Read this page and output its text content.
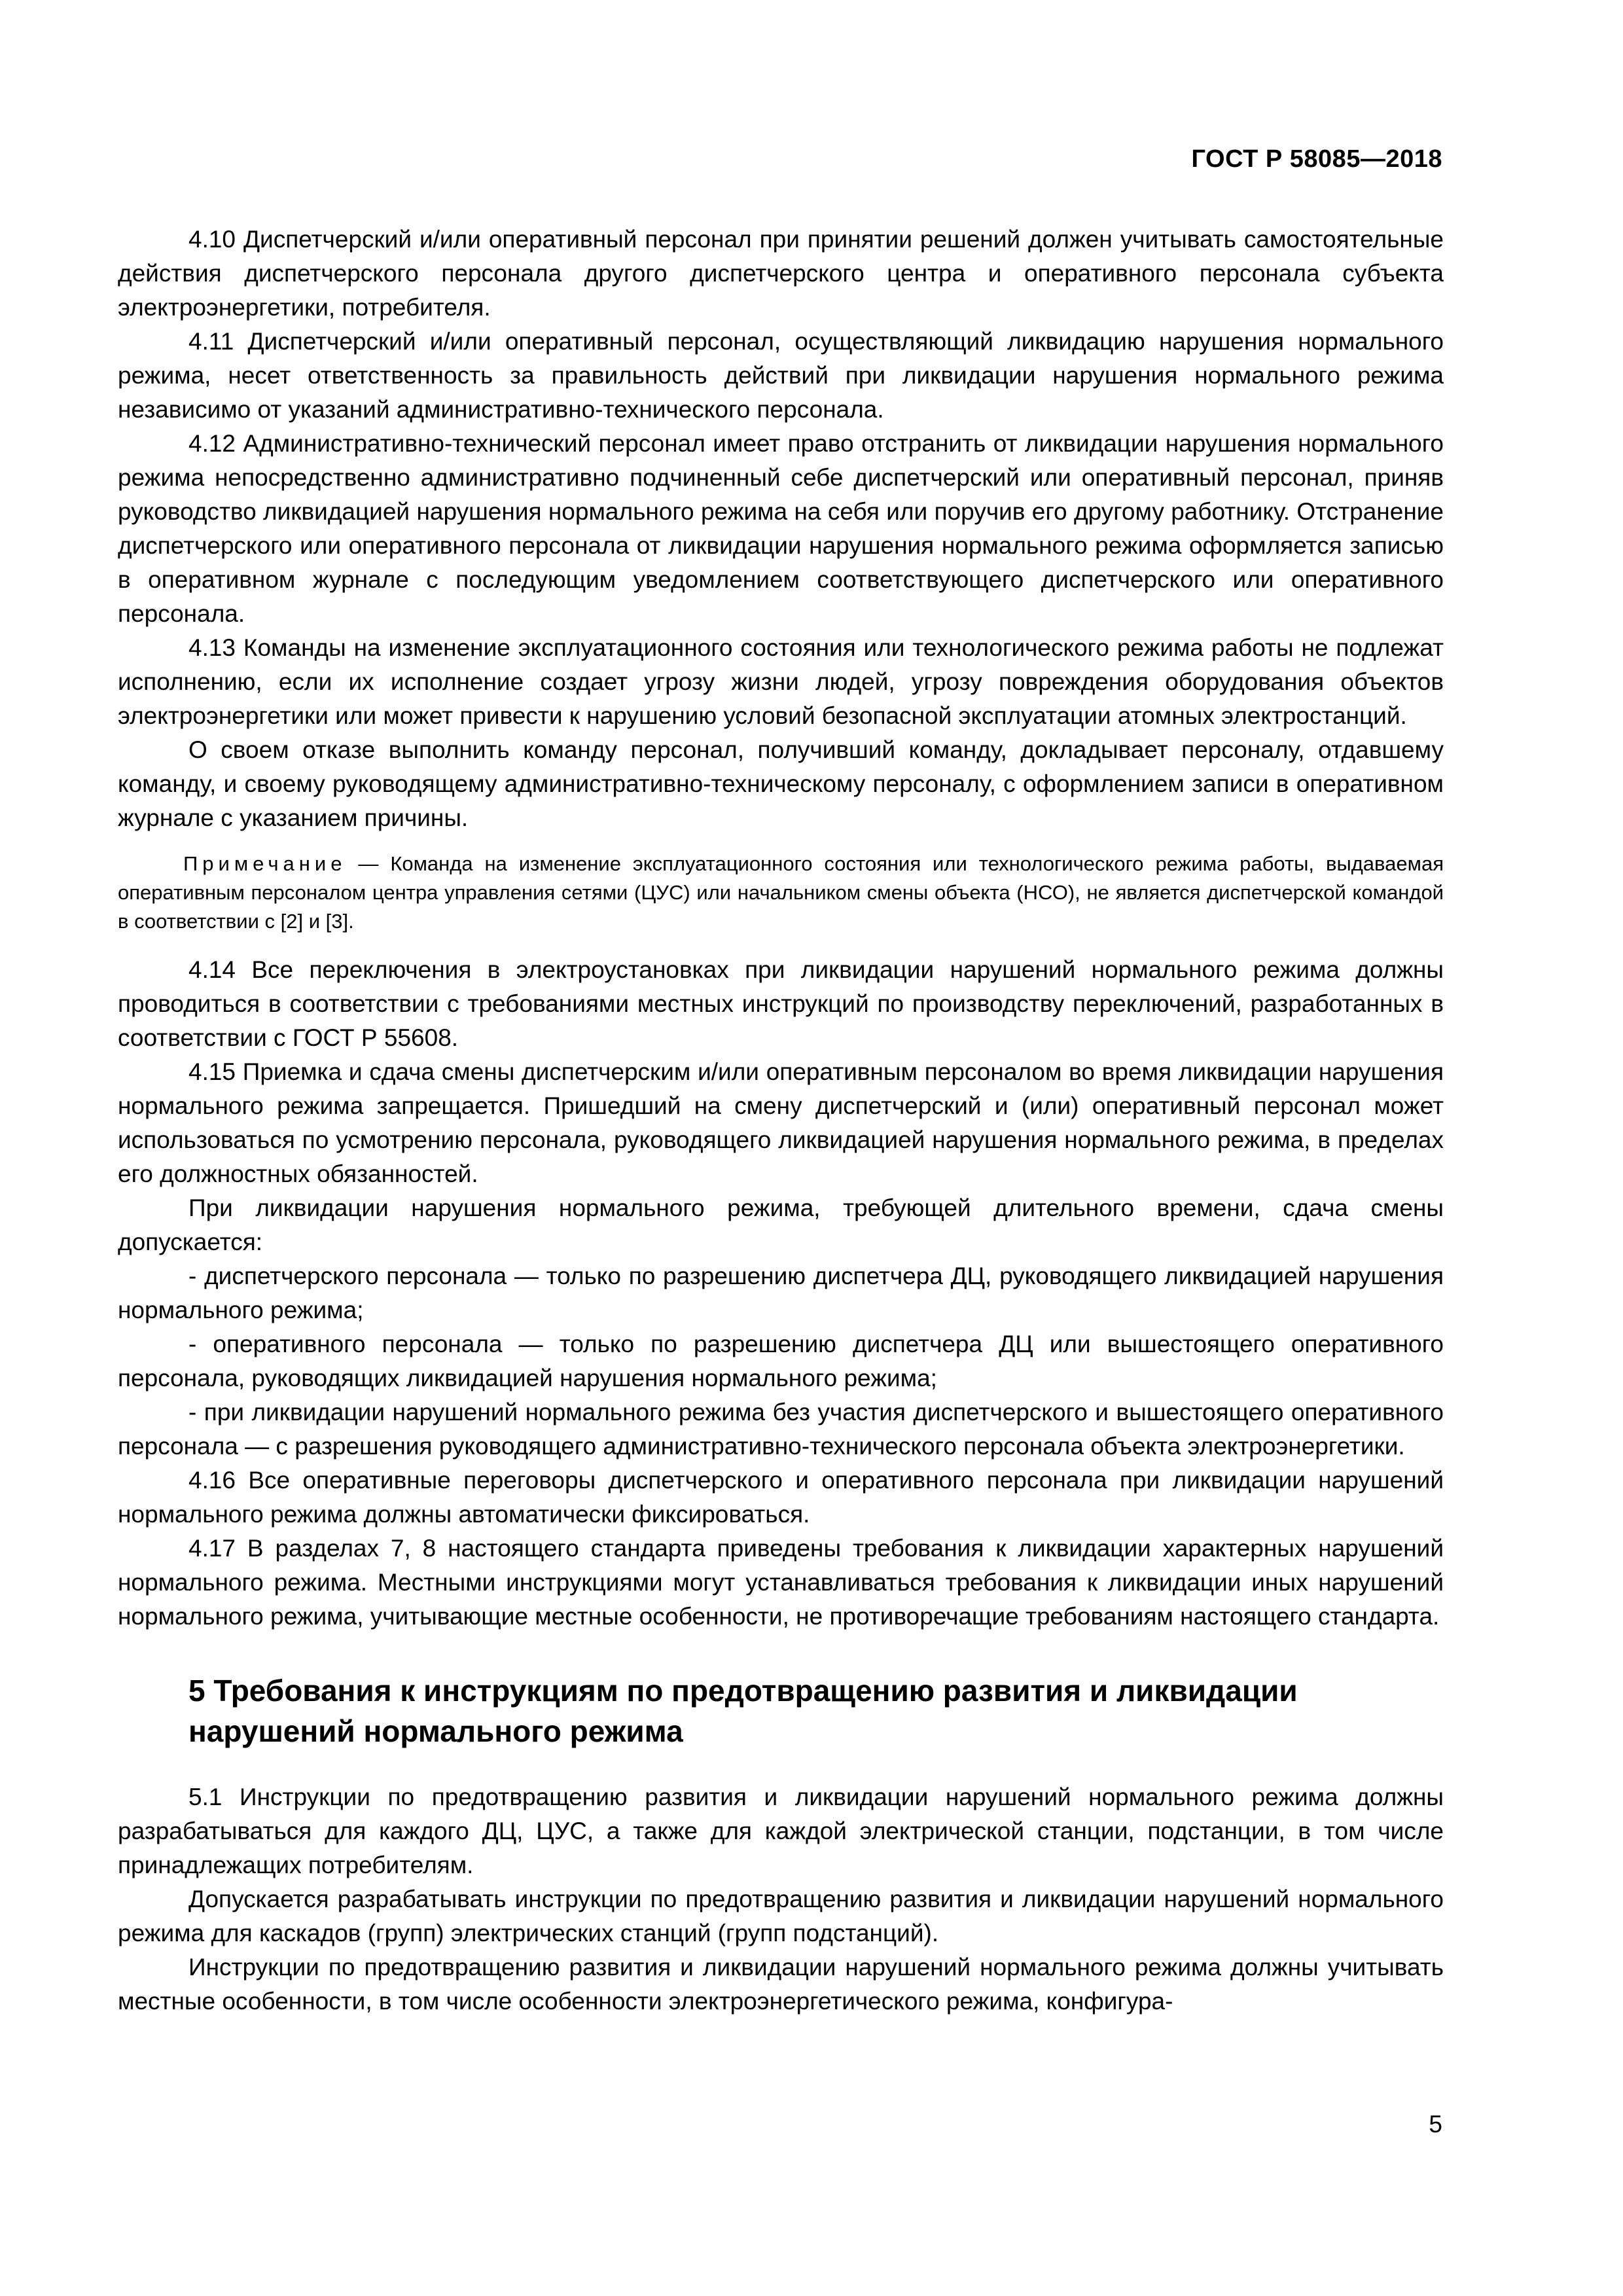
ГОСТ Р 58085—2018

4.10 Диспетчерский и/или оперативный персонал при принятии решений должен учитывать самостоятельные действия диспетчерского персонала другого диспетчерского центра и оперативного персонала субъекта электроэнергетики, потребителя.

4.11 Диспетчерский и/или оперативный персонал, осуществляющий ликвидацию нарушения нормального режима, несет ответственность за правильность действий при ликвидации нарушения нормального режима независимо от указаний административно-технического персонала.

4.12 Административно-технический персонал имеет право отстранить от ликвидации нарушения нормального режима непосредственно административно подчиненный себе диспетчерский или оперативный персонал, приняв руководство ликвидацией нарушения нормального режима на себя или поручив его другому работнику. Отстранение диспетчерского или оперативного персонала от ликвидации нарушения нормального режима оформляется записью в оперативном журнале с последующим уведомлением соответствующего диспетчерского или оперативного персонала.

4.13 Команды на изменение эксплуатационного состояния или технологического режима работы не подлежат исполнению, если их исполнение создает угрозу жизни людей, угрозу повреждения оборудования объектов электроэнергетики или может привести к нарушению условий безопасной эксплуатации атомных электростанций.

О своем отказе выполнить команду персонал, получивший команду, докладывает персоналу, отдавшему команду, и своему руководящему административно-техническому персоналу, с оформлением записи в оперативном журнале с указанием причины.

Примечание — Команда на изменение эксплуатационного состояния или технологического режима работы, выдаваемая оперативным персоналом центра управления сетями (ЦУС) или начальником смены объекта (НСО), не является диспетчерской командой в соответствии с [2] и [3].

4.14 Все переключения в электроустановках при ликвидации нарушений нормального режима должны проводиться в соответствии с требованиями местных инструкций по производству переключений, разработанных в соответствии с ГОСТ Р 55608.

4.15 Приемка и сдача смены диспетчерским и/или оперативным персоналом во время ликвидации нарушения нормального режима запрещается. Пришедший на смену диспетчерский и (или) оперативный персонал может использоваться по усмотрению персонала, руководящего ликвидацией нарушения нормального режима, в пределах его должностных обязанностей.

При ликвидации нарушения нормального режима, требующей длительного времени, сдача смены допускается:

- диспетчерского персонала — только по разрешению диспетчера ДЦ, руководящего ликвидацией нарушения нормального режима;

- оперативного персонала — только по разрешению диспетчера ДЦ или вышестоящего оперативного персонала, руководящих ликвидацией нарушения нормального режима;

- при ликвидации нарушений нормального режима без участия диспетчерского и вышестоящего оперативного персонала — с разрешения руководящего административно-технического персонала объекта электроэнергетики.

4.16 Все оперативные переговоры диспетчерского и оперативного персонала при ликвидации нарушений нормального режима должны автоматически фиксироваться.

4.17 В разделах 7, 8 настоящего стандарта приведены требования к ликвидации характерных нарушений нормального режима. Местными инструкциями могут устанавливаться требования к ликвидации иных нарушений нормального режима, учитывающие местные особенности, не противоречащие требованиям настоящего стандарта.

5 Требования к инструкциям по предотвращению развития и ликвидации нарушений нормального режима

5.1 Инструкции по предотвращению развития и ликвидации нарушений нормального режима должны разрабатываться для каждого ДЦ, ЦУС, а также для каждой электрической станции, подстанции, в том числе принадлежащих потребителям.

Допускается разрабатывать инструкции по предотвращению развития и ликвидации нарушений нормального режима для каскадов (групп) электрических станций (групп подстанций).

Инструкции по предотвращению развития и ликвидации нарушений нормального режима должны учитывать местные особенности, в том числе особенности электроэнергетического режима, конфигура-

5
